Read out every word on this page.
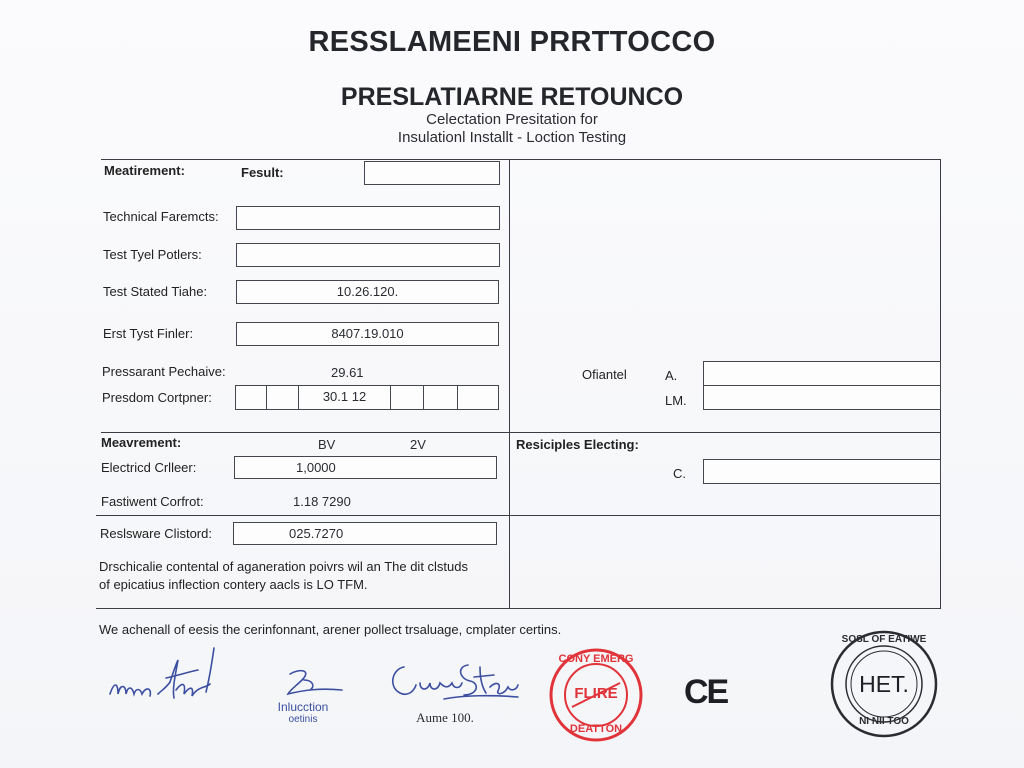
RESSLAMEENI PRRTTOCCO
PRESLATIARNE RETOUNCO
Celectation Presitation for
Insulationl Installt - Loction Testing
Meatirement:	Fesult:
Technical Faremcts:
Test Tyel Potlers:
Test Stated Tiahe:	10.26.120.
Erst Tyst Finler:	8407.19.010
Pressarant Pechaive:	29.61
Presdom Cortpner:	30.1 12
Meavrement:	BV	2V
Electricd Crlleer:	1,0000
Fastiwent Corfrot:	1.18 7290
Reslsware Clistord:	025.7270
Drschicalie contental of aganeration poivrs wil an The dit clstuds
of epicatius inflection contery aacls is LO TFM.
Ofiantel	A.
LM.
Resiciples Electing:
C.
We achenall of eesis the cerinfonnant, arener pollect trsaluage, cmplater certins.
Inlucction
oetinis	Aume 100.
CONY EMERG
FLIRE
DEATTON
CE
SOSL OF EATIWE
HET.
NI NII TOO
